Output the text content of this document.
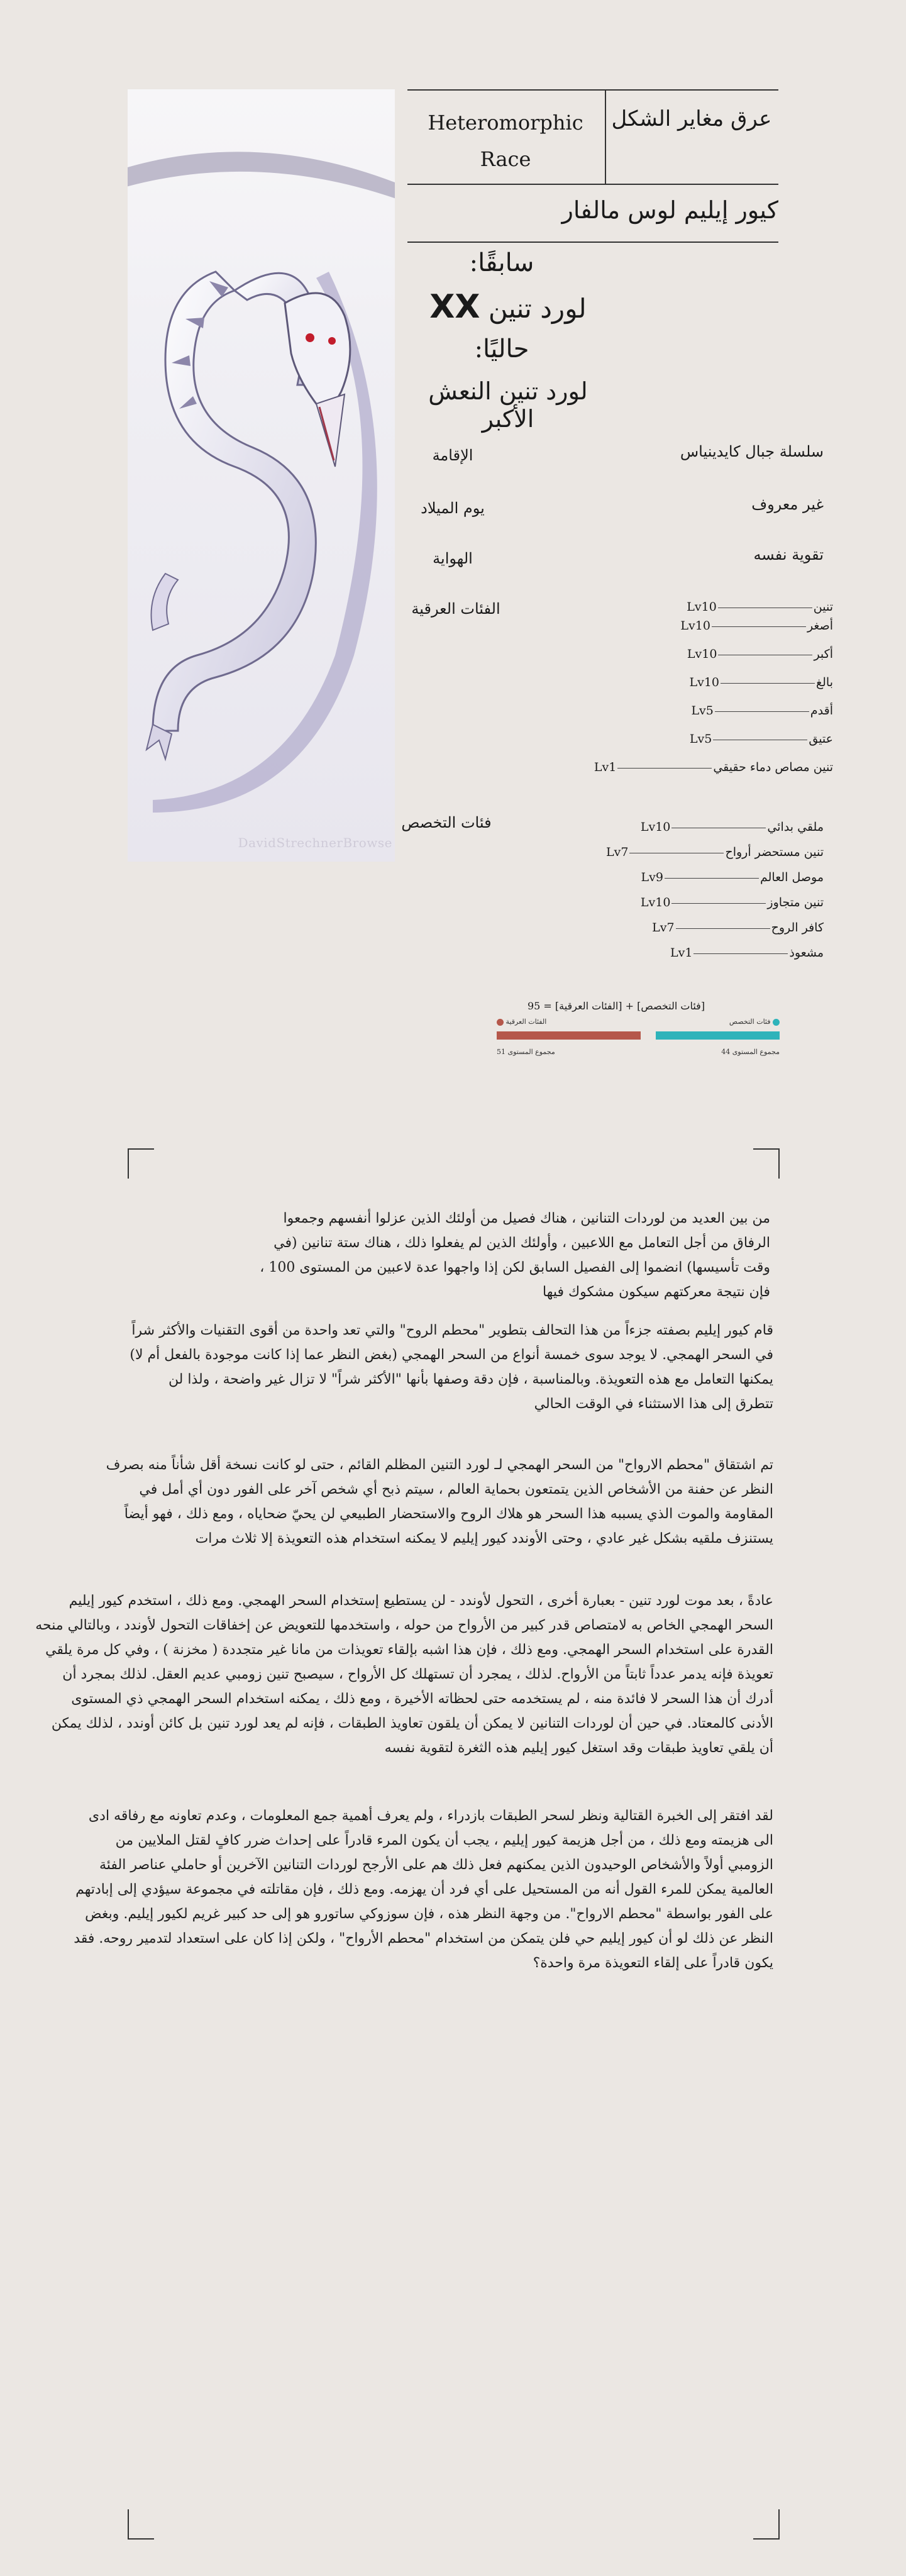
DavidStrechnerBrowse
Heteromorphic Race
عرق مغاير الشكل
كيور إيليم لوس مالفار
سابقًا:
لورد تنين XX
حاليًا:
لورد تنين النعش الأكبر
الإقامة	سلسلة جبال كايدينياس
يوم الميلاد	غير معروف
الهواية	تقوية نفسه
الفئات العرقية	تنينLv10
أصغرLv10
أكبرLv10
بالغLv10
أقدمLv5
عتيقLv5
تنين مصاص دماء حقيقيLv1
فئات التخصص	ملقي بدائيLv10
تنين مستحضر أرواحLv7
موصل العالمLv9
تنين متجاوزLv10
كافر الروحLv7
مشعوذLv1
[فئات التخصص] + [الفئات العرقية] = 95
فئات التخصص
الفئات العرقية
مجموع المستوى 51	مجموع المستوى 44
من بين العديد من لوردات التنانين ، هناك فصيل من أولئك الذين عزلوا أنفسهم وجمعوا الرفاق من أجل التعامل مع اللاعبين ، وأولئك الذين لم يفعلوا ذلك ، هناك ستة تنانين (في وقت تأسيسها) انضموا إلى الفصيل السابق لكن إذا واجهوا عدة لاعبين من المستوى 100 ، فإن نتيجة معركتهم سيكون مشكوك فيها
قام كيور إيليم بصفته جزءاً من هذا التحالف بتطوير "محطم الروح" والتي تعد واحدة من أقوى التقنيات والأكثر شراً في السحر الهمجي. لا يوجد سوى خمسة أنواع من السحر الهمجي (بغض النظر عما إذا كانت موجودة بالفعل أم لا) يمكنها التعامل مع هذه التعويذة. وبالمناسبة ، فإن دقة وصفها بأنها "الأكثر شراً" لا تزال غير واضحة ، ولذا لن تتطرق إلى هذا الاستثناء في الوقت الحالي
تم اشتقاق "محطم الارواح" من السحر الهمجي لـ لورد التنين المظلم القائم ، حتى لو كانت نسخة أقل شأناً منه بصرف النظر عن حفنة من الأشخاص الذين يتمتعون بحماية العالم ، سيتم ذبح أي شخص آخر على الفور دون أي أمل في المقاومة والموت الذي يسببه هذا السحر هو هلاك الروح والاستحضار الطبيعي لن يحيّ ضحاياه ، ومع ذلك ، فهو أيضاً يستنزف ملقيه بشكل غير عادي ، وحتى الأوندد كيور إيليم لا يمكنه استخدام هذه التعويذة إلا ثلاث مرات
عادةً ، بعد موت لورد تنين - بعبارة أخرى ، التحول لأوندد - لن يستطيع إستخدام السحر الهمجي. ومع ذلك ، استخدم كيور إيليم السحر الهمجي الخاص به لامتصاص قدر كبير من الأرواح من حوله ، واستخدمها للتعويض عن إخفاقات التحول لأوندد ، وبالتالي منحه القدرة على استخدام السحر الهمجي. ومع ذلك ، فإن هذا اشبه بإلقاء تعويذات من مانا غير متجددة ( مخزنة ) ، وفي كل مرة يلقي تعويذة فإنه يدمر عدداً ثابتاً من الأرواح. لذلك ، يمجرد أن تستهلك كل الأرواح ، سيصبح تنين زومبي عديم العقل. لذلك بمجرد أن أدرك أن هذا السحر لا فائدة منه ، لم يستخدمه حتى لحظاته الأخيرة ، ومع ذلك ، يمكنه استخدام السحر الهمجي ذي المستوى الأدنى كالمعتاد. في حين أن لوردات التنانين لا يمكن أن يلقون تعاويذ الطبقات ، فإنه لم يعد لورد تنين بل كائن أوندد ، لذلك يمكن أن يلقي تعاويذ طبقات وقد استغل كيور إيليم هذه الثغرة لتقوية نفسه
لقد افتقر إلى الخبرة القتالية ونظر لسحر الطبقات بازدراء ، ولم يعرف أهمية جمع المعلومات ، وعدم تعاونه مع رفاقه ادى الى هزيمته ومع ذلك ، من أجل هزيمة كيور إيليم ، يجب أن يكون المرء قادراً على إحداث ضرر كافٍ لقتل الملايين من الزومبي أولاً والأشخاص الوحيدون الذين يمكنهم فعل ذلك هم على الأرجح لوردات التنانين الآخرين أو حاملي عناصر الفئة العالمية يمكن للمرء القول أنه من المستحيل على أي فرد أن يهزمه. ومع ذلك ، فإن مقاتلته في مجموعة سيؤدي إلى إبادتهم على الفور بواسطة "محطم الارواح". من وجهة النظر هذه ، فإن سوزوكي ساتورو هو إلى حد كبير غريم لكيور إيليم. وبغض النظر عن ذلك لو أن كيور إيليم حي فلن يتمكن من استخدام "محطم الأرواح" ، ولكن إذا كان على استعداد لتدمير روحه. فقد يكون قادراً على إلقاء التعويذة مرة واحدة؟
